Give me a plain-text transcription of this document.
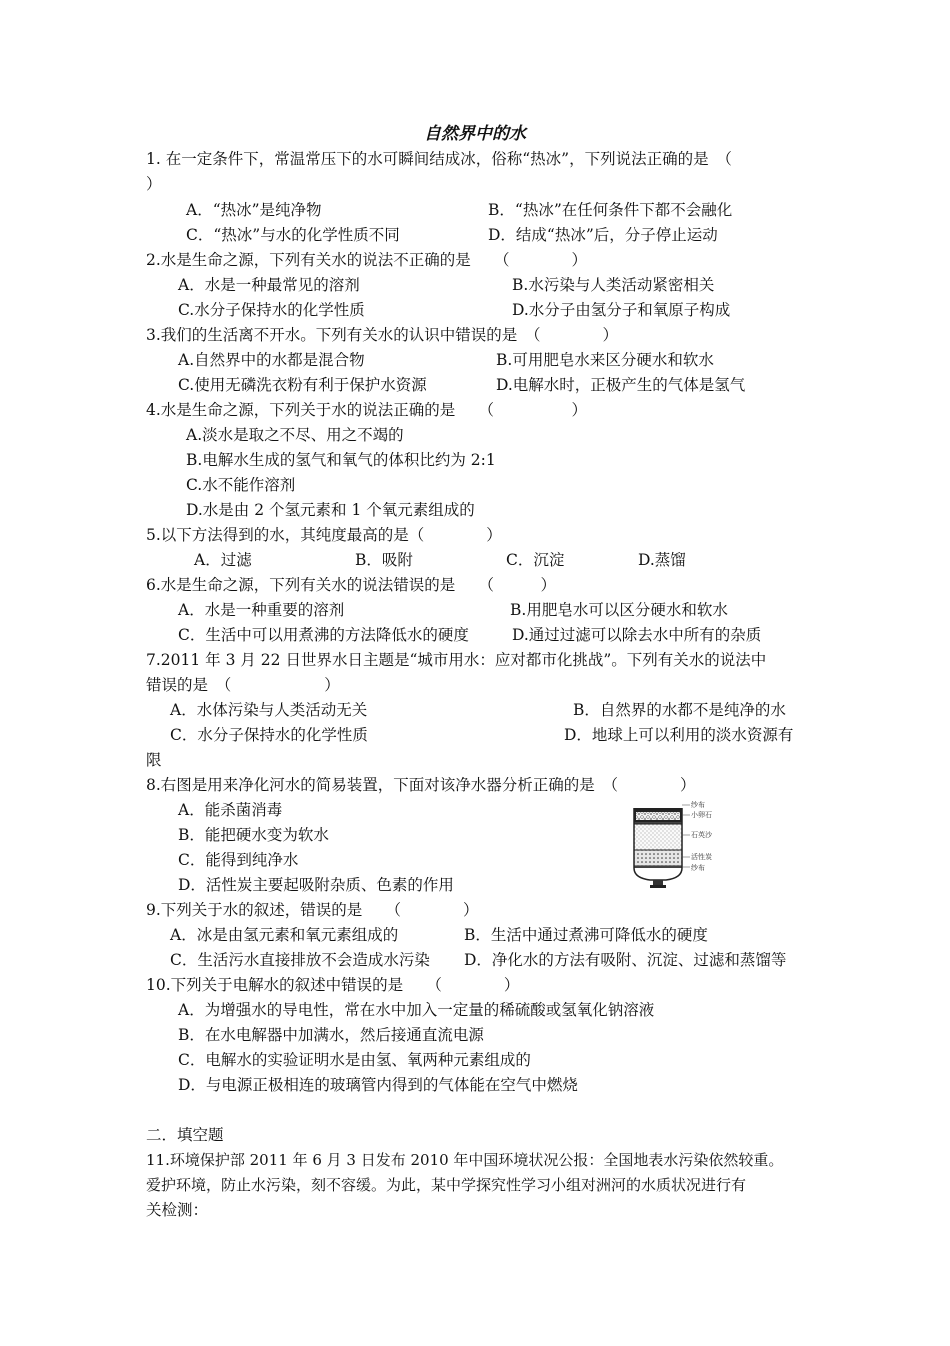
自然界中的水
1. 在一定条件下，常温常压下的水可瞬间结成冰，俗称“热冰”，下列说法正确的是　（
）
A．“热冰”是纯净物	B．“热冰”在任何条件下都不会融化
C．“热冰”与水的化学性质不同	D．结成“热冰”后，分子停止运动
2.水是生命之源，下列有关水的说法不正确的是　　（　　　　）
A．水是一种最常见的溶剂	B.水污染与人类活动紧密相关
C.水分子保持水的化学性质	D.水分子由氢分子和氧原子构成
3.我们的生活离不开水。下列有关水的认识中错误的是　（　　　　）
A.自然界中的水都是混合物	B.可用肥皂水来区分硬水和软水
C.使用无磷洗衣粉有利于保护水资源	D.电解水时，正极产生的气体是氢气
4.水是生命之源，下列关于水的说法正确的是　　（　　　　　）
A.淡水是取之不尽、用之不竭的
B.电解水生成的氢气和氧气的体积比约为 2:1
C.水不能作溶剂
D.水是由 2 个氢元素和 1 个氧元素组成的
5.以下方法得到的水，其纯度最高的是（　　　　）
A．过滤	B．吸附	C．沉淀	D.蒸馏
6.水是生命之源，下列有关水的说法错误的是　　（　　　）
A．水是一种重要的溶剂	B.用肥皂水可以区分硬水和软水
C．生活中可以用煮沸的方法降低水的硬度	D.通过过滤可以除去水中所有的杂质
7.2011 年 3 月 22 日世界水日主题是“城市用水：应对都市化挑战”。下列有关水的说法中
错误的是　（　　　　　　）
A．水体污染与人类活动无关	B．自然界的水都不是纯净的水
C．水分子保持水的化学性质	D．地球上可以利用的淡水资源有
限
8.右图是用来净化河水的简易装置，下面对该净水器分析正确的是　（　　　　）
A．能杀菌消毒
B．能把硬水变为软水
C．能得到纯净水
D．活性炭主要起吸附杂质、色素的作用
纱布
小卵石
石英沙
活性炭
纱布
9.下列关于水的叙述，错误的是　　（　　　　）
A．冰是由氢元素和氧元素组成的	B．生活中通过煮沸可降低水的硬度
C．生活污水直接排放不会造成水污染 D．净化水的方法有吸附、沉淀、过滤和蒸馏等
10.下列关于电解水的叙述中错误的是　　（　　　　）
A．为增强水的导电性，常在水中加入一定量的稀硫酸或氢氧化钠溶液
B．在水电解器中加满水，然后接通直流电源
C．电解水的实验证明水是由氢、氧两种元素组成的
D．与电源正极相连的玻璃管内得到的气体能在空气中燃烧
二．填空题
11.环境保护部 2011 年 6 月 3 日发布 2010 年中国环境状况公报：全国地表水污染依然较重。
爱护环境，防止水污染，刻不容缓。为此，某中学探究性学习小组对洲河的水质状况进行有
关检测：
